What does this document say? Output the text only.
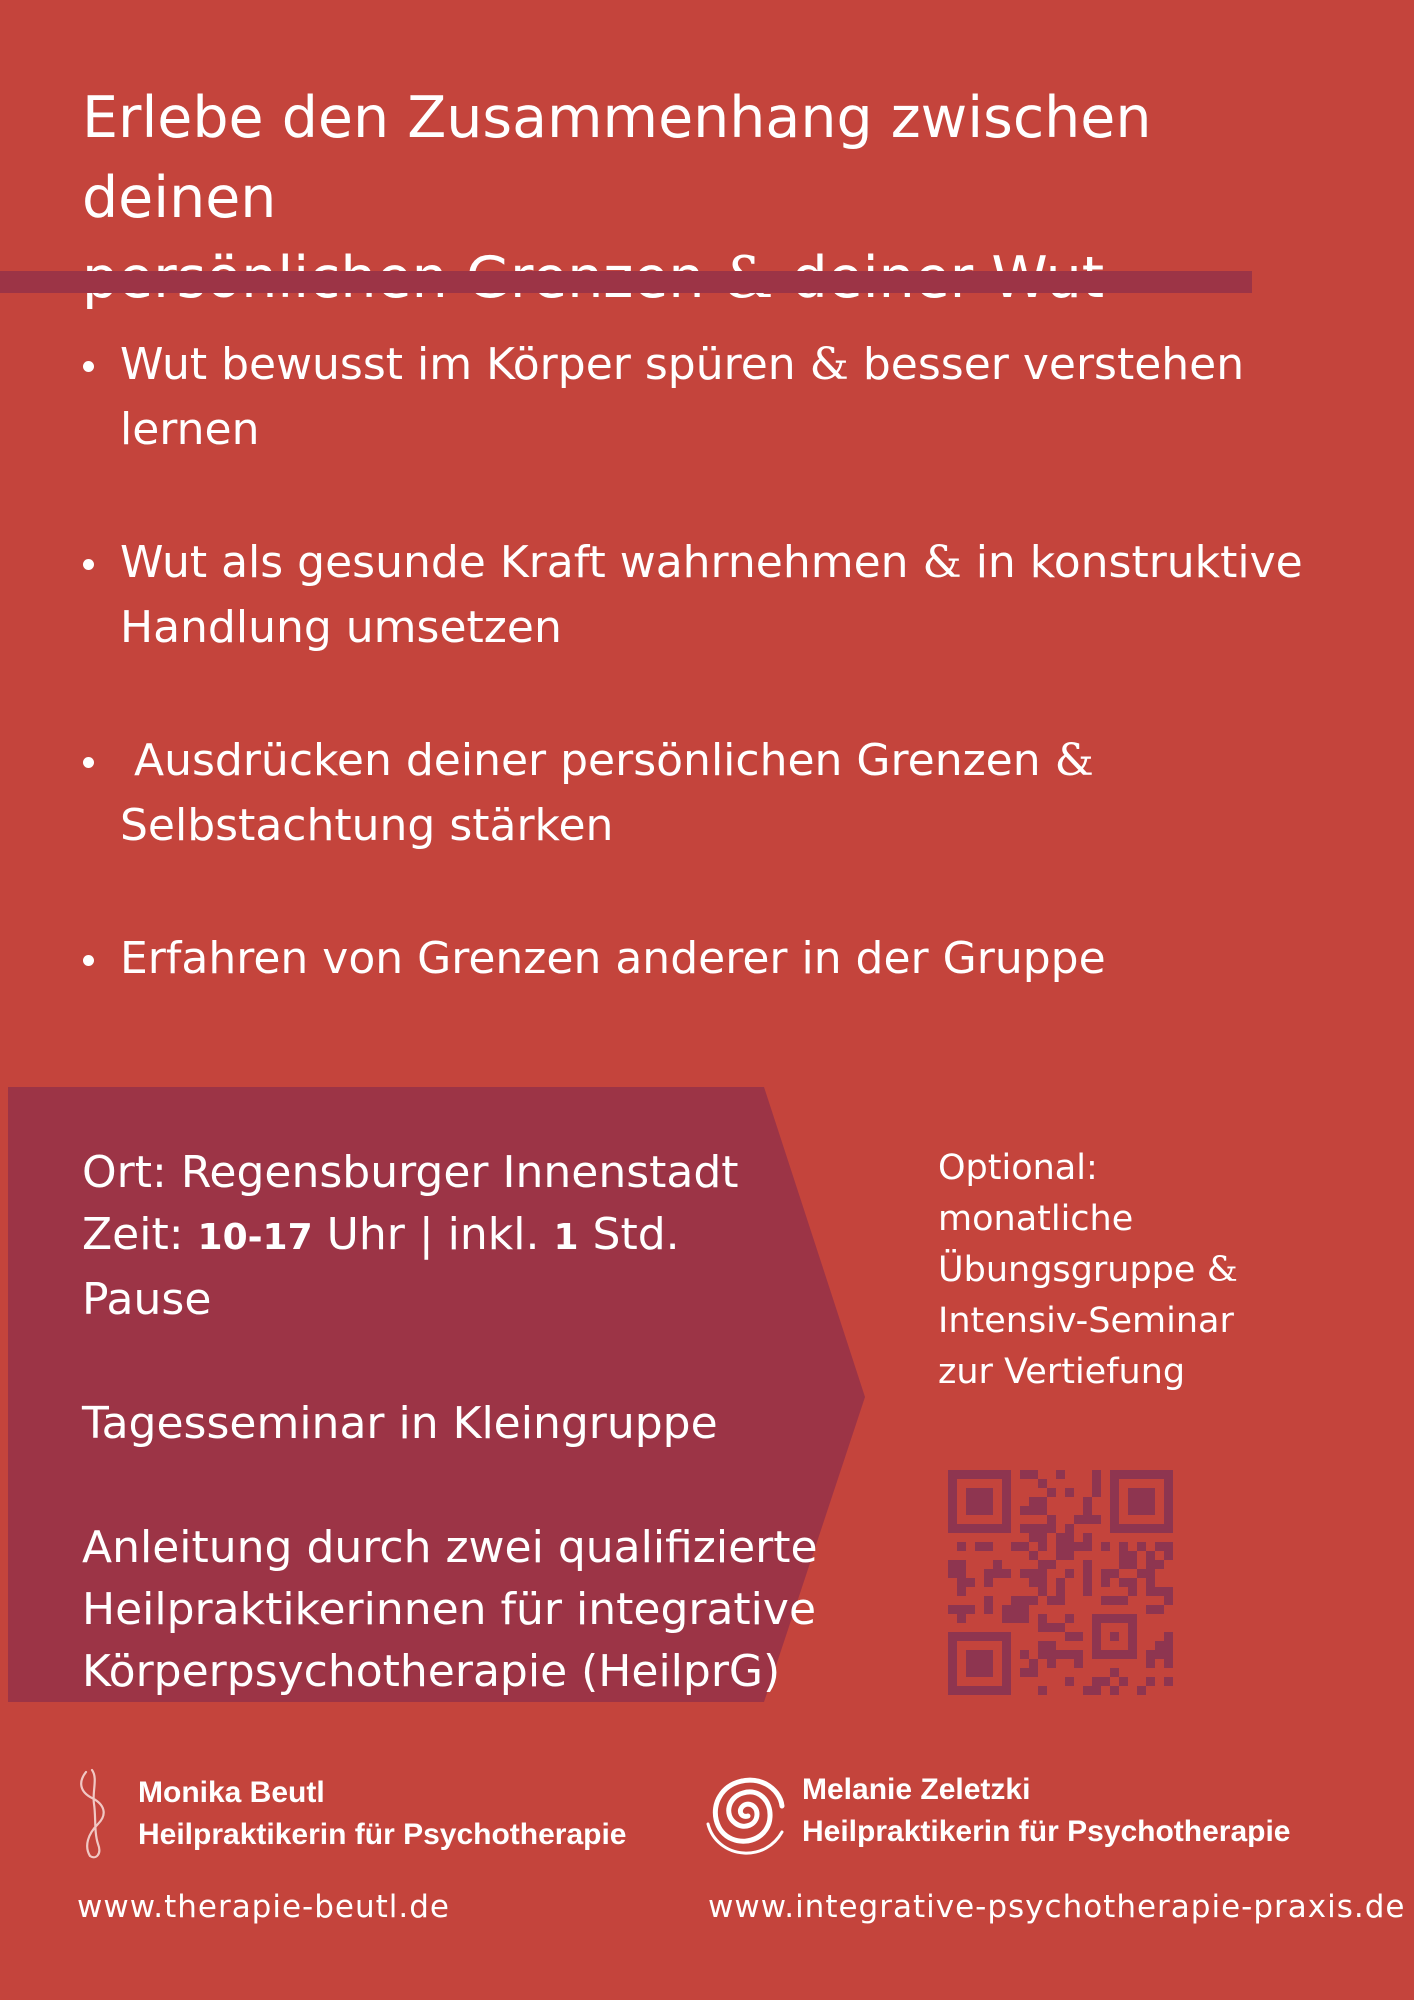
Erlebe den Zusammenhang zwischen deinen

Wut bewusst im Körper spüren & besser verstehen lernen
Wut als gesunde Kraft wahrnehmen & in konstruktive Handlung umsetzen
Ausdrücken deiner persönlichen Grenzen &
Selbstachtung stärken
Erfahren von Grenzen anderer in der Gruppe
Ort: Regensburger Innenstadt
Zeit: 10-17 Uhr | inkl. 1 Std. Pause
Tagesseminar in Kleingruppe
Anleitung durch zwei qualifizierte
Heilpraktikerinnen für integrative
Körperpsychotherapie (HeilprG)
Optional:
monatliche
Übungsgruppe &
Intensiv-Seminar
zur Vertiefung
Monika Beutl
Heilpraktikerin für Psychotherapie
Melanie Zeletzki
Heilpraktikerin für Psychotherapie
www.therapie-beutl.de	www.integrative-psychotherapie-praxis.de
